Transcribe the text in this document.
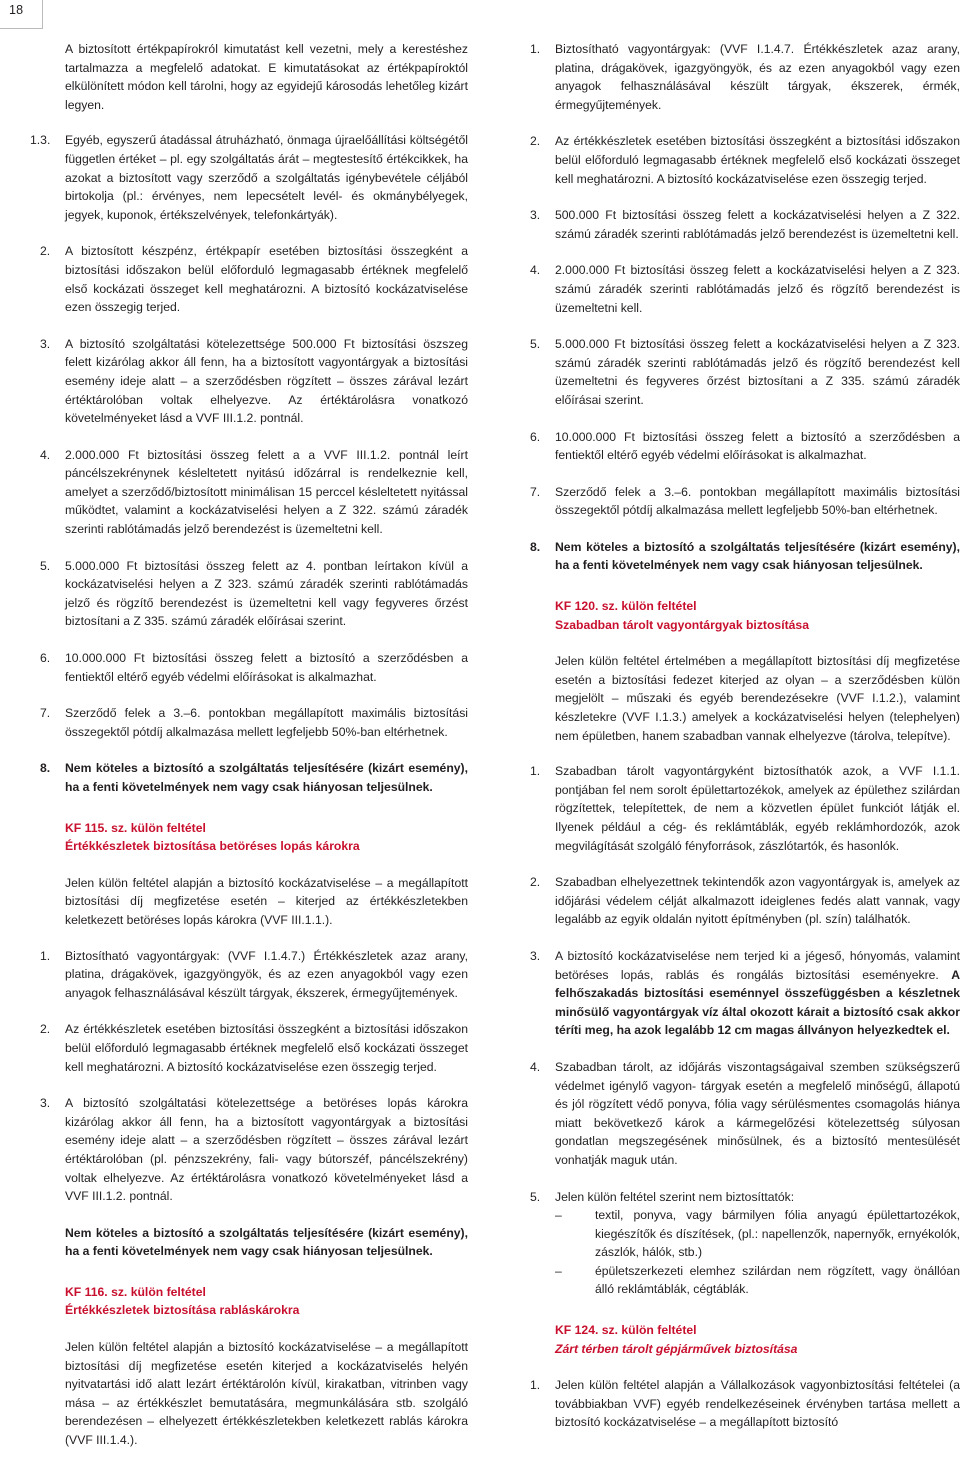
18

A biztosított értékpapírokról kimutatást kell vezetni, mely a kerestéshez tartalmazza a megfelelő adatokat. E kimutatásokat az értékpapíroktól elkülönített módon kell tárolni, hogy az egyidejű károsodás lehetőleg kizárt legyen.

1.3. Egyéb, egyszerű átadással átruházható, önmaga újraelőállítási költségétől független értéket – pl. egy szolgáltatás árát – megtestesítő értékcikkek, ha azokat a biztosított vagy szerződő a szolgáltatás igénybevétele céljából birtokolja (pl.: érvényes, nem lepecsételt levél- és okmánybélyegek, jegyek, kuponok, értékszelvények, telefonkártyák).
2. A biztosított készpénz, értékpapír esetében biztosítási összegként a biztosítási időszakon belül előforduló legmagasabb értéknek megfelelő első kockázati összeget kell meghatározni. A biztosító kockázatviselése ezen összegig terjed.
3. A biztosító szolgáltatási kötelezettsége 500.000 Ft biztosítási öszszeg felett kizárólag akkor áll fenn, ha a biztosított vagyontárgyak a biztosítási esemény ideje alatt – a szerződésben rögzített – összes zárával lezárt értéktárolóban voltak elhelyezve. Az értéktárolásra vonatkozó követelményeket lásd a VVF III.1.2. pontnál.
4. 2.000.000 Ft biztosítási összeg felett a a VVF III.1.2. pontnál leírt páncélszekrénynek késleltetett nyitású időzárral is rendelkeznie kell, amelyet a szerződő/biztosított minimálisan 15 perccel késleltetett nyitással működtet, valamint a kockázatviselési helyen a Z 322. számú záradék szerinti rablótámadás jelző berendezést is üzemeltetni kell.
5. 5.000.000 Ft biztosítási összeg felett az 4. pontban leírtakon kívül a kockázatviselési helyen a Z 323. számú záradék szerinti rablótámadás jelző és rögzítő berendezést is üzemeltetni kell vagy fegyveres őrzést biztosítani a Z 335. számú záradék előírásai szerint.
6. 10.000.000 Ft biztosítási összeg felett a biztosító a szerződésben a fentiektől eltérő egyéb védelmi előírásokat is alkalmazhat.
7. Szerződő felek a 3.–6. pontokban megállapított maximális biztosítási összegektől pótdíj alkalmazása mellett legfeljebb 50%-ban eltérhetnek.
8. Nem köteles a biztosító a szolgáltatás teljesítésére (kizárt esemény), ha a fenti követelmények nem vagy csak hiányosan teljesülnek.

KF 115. sz. külön feltétel

Értékkészletek biztosítása betöréses lopás károkra

Jelen külön feltétel alapján a biztosító kockázatviselése – a megállapított biztosítási díj megfizetése esetén – kiterjed az értékkészletekben keletkezett betöréses lopás károkra (VVF III.1.1.).

1. Biztosítható vagyontárgyak: (VVF I.1.4.7.) Értékkészletek azaz arany, platina, drágakövek, igazgyöngyök, és az ezen anyagokból vagy ezen anyagok felhasználásával készült tárgyak, ékszerek, érmegyűjtemények.
2. Az értékkészletek esetében biztosítási összegként a biztosítási időszakon belül előforduló legmagasabb értéknek megfelelő első kockázati összeget kell meghatározni. A biztosító kockázatviselése ezen összegig terjed.
3. A biztosító szolgáltatási kötelezettsége a betöréses lopás károkra kizárólag akkor áll fenn, ha a biztosított vagyontárgyak a biztosítási esemény ideje alatt – a szerződésben rögzített – összes zárával lezárt értéktárolóban (pl. pénzszekrény, fali- vagy bútorszéf, páncélszekrény) voltak elhelyezve. Az értéktárolásra vonatkozó követelményeket lásd a VVF III.1.2. pontnál.

Nem köteles a biztosító a szolgáltatás teljesítésére (kizárt esemény), ha a fenti követelmények nem vagy csak hiányosan teljesülnek.

KF 116. sz. külön feltétel

Értékkészletek biztosítása rabláskárokra

Jelen külön feltétel alapján a biztosító kockázatviselése – a megállapított biztosítási díj megfizetése esetén kiterjed a kockázatviselés helyén nyitvatartási idő alatt lezárt értéktárolón kívül, kirakatban, vitrinben vagy mása – az értékkészlet bemutatására, megmunkálására stb. szolgáló berendezésen – elhelyezett értékkészletekben keletkezett rablás károkra (VVF III.1.4.).

1. Biztosítható vagyontárgyak: (VVF I.1.4.7. Értékkészletek azaz arany, platina, drágakövek, igazgyöngyök, és az ezen anyagokból vagy ezen anyagok felhasználásával készült tárgyak, ékszerek, érmék, érmegyűjtemények.
2. Az értékkészletek esetében biztosítási összegként a biztosítási időszakon belül előforduló legmagasabb értéknek megfelelő első kockázati összeget kell meghatározni. A biztosító kockázatviselése ezen összegig terjed.
3. 500.000 Ft biztosítási összeg felett a kockázatviselési helyen a Z 322. számú záradék szerinti rablótámadás jelző berendezést is üzemeltetni kell.
4. 2.000.000 Ft biztosítási összeg felett a kockázatviselési helyen a Z 323. számú záradék szerinti rablótámadás jelző és rögzítő berendezést is üzemeltetni kell.
5. 5.000.000 Ft biztosítási összeg felett a kockázatviselési helyen a Z 323. számú záradék szerinti rablótámadás jelző és rögzítő berendezést kell üzemeltetni és fegyveres őrzést biztosítani a Z 335. számú záradék előírásai szerint.
6. 10.000.000 Ft biztosítási összeg felett a biztosító a szerződésben a fentiektől eltérő egyéb védelmi előírásokat is alkalmazhat.
7. Szerződő felek a 3.–6. pontokban megállapított maximális biztosítási összegektől pótdíj alkalmazása mellett legfeljebb 50%-ban eltérhetnek.
8. Nem köteles a biztosító a szolgáltatás teljesítésére (kizárt esemény), ha a fenti követelmények nem vagy csak hiányosan teljesülnek.

KF 120. sz. külön feltétel

Szabadban tárolt vagyontárgyak biztosítása

Jelen külön feltétel értelmében a megállapított biztosítási díj megfizetése esetén a biztosítási fedezet kiterjed az olyan – a szerződésben külön megjelölt – műszaki és egyéb berendezésekre (VVF I.1.2.), valamint készletekre (VVF I.1.3.) amelyek a kockázatviselési helyen (telephelyen) nem épületben, hanem szabadban vannak elhelyezve (tárolva, telepítve).

1. Szabadban tárolt vagyontárgyként biztosíthatók azok, a VVF I.1.1. pontjában fel nem sorolt épülettartozékok, amelyek az épülethez szilárdan rögzítettek, telepítettek, de nem a közvetlen épület funkciót látják el. Ilyenek például a cég- és reklámtáblák, egyéb reklámhordozók, azok megvilágítását szolgáló fényforrások, zászlótartók, és hasonlók.
2. Szabadban elhelyezettnek tekintendők azon vagyontárgyak is, amelyek az időjárási védelem célját alkalmazott ideiglenes fedés alatt vannak, vagy legalább az egyik oldalán nyitott építményben (pl. szín) találhatók.
3. A biztosító kockázatviselése nem terjed ki a jégeső, hónyomás, valamint betöréses lopás, rablás és rongálás biztosítási eseményekre. A felhőszakadás biztosítási eseménnyel összefüggésben a készletnek minősülő vagyontárgyak víz által okozott kárait a biztosító csak akkor téríti meg, ha azok legalább 12 cm magas állványon helyezkedtek el.
4. Szabadban tárolt, az időjárás viszontagságaival szemben szükségszerű védelmet igénylő vagyon- tárgyak esetén a megfelelő minőségű, állapotú és jól rögzített védő ponyva, fólia vagy sérülésmentes csomagolás hiánya miatt bekövetkező károk a kármegelőzési kötelezettség súlyosan gondatlan megszegésének minősülnek, és a biztosító mentesülését vonhatják maguk után.
5. Jelen külön feltétel szerint nem biztosíttatók:
–	textil, ponyva, vagy bármilyen fólia anyagú épülettartozékok, kiegészítők és díszítések, (pl.: napellenzők, napernyők, ernyékolók, zászlók, hálók, stb.)
–	épületszerkezeti elemhez szilárdan nem rögzített, vagy önállóan álló reklámtáblák, cégtáblák.

KF 124. sz. külön feltétel

Zárt térben tárolt gépjárművek biztosítása

1. Jelen külön feltétel alapján a Vállalkozások vagyonbiztosítási feltételei (a továbbiakban VVF) egyéb rendelkezéseinek érvényben tartása mellett a biztosító kockázatviselése – a megállapított biztosító
